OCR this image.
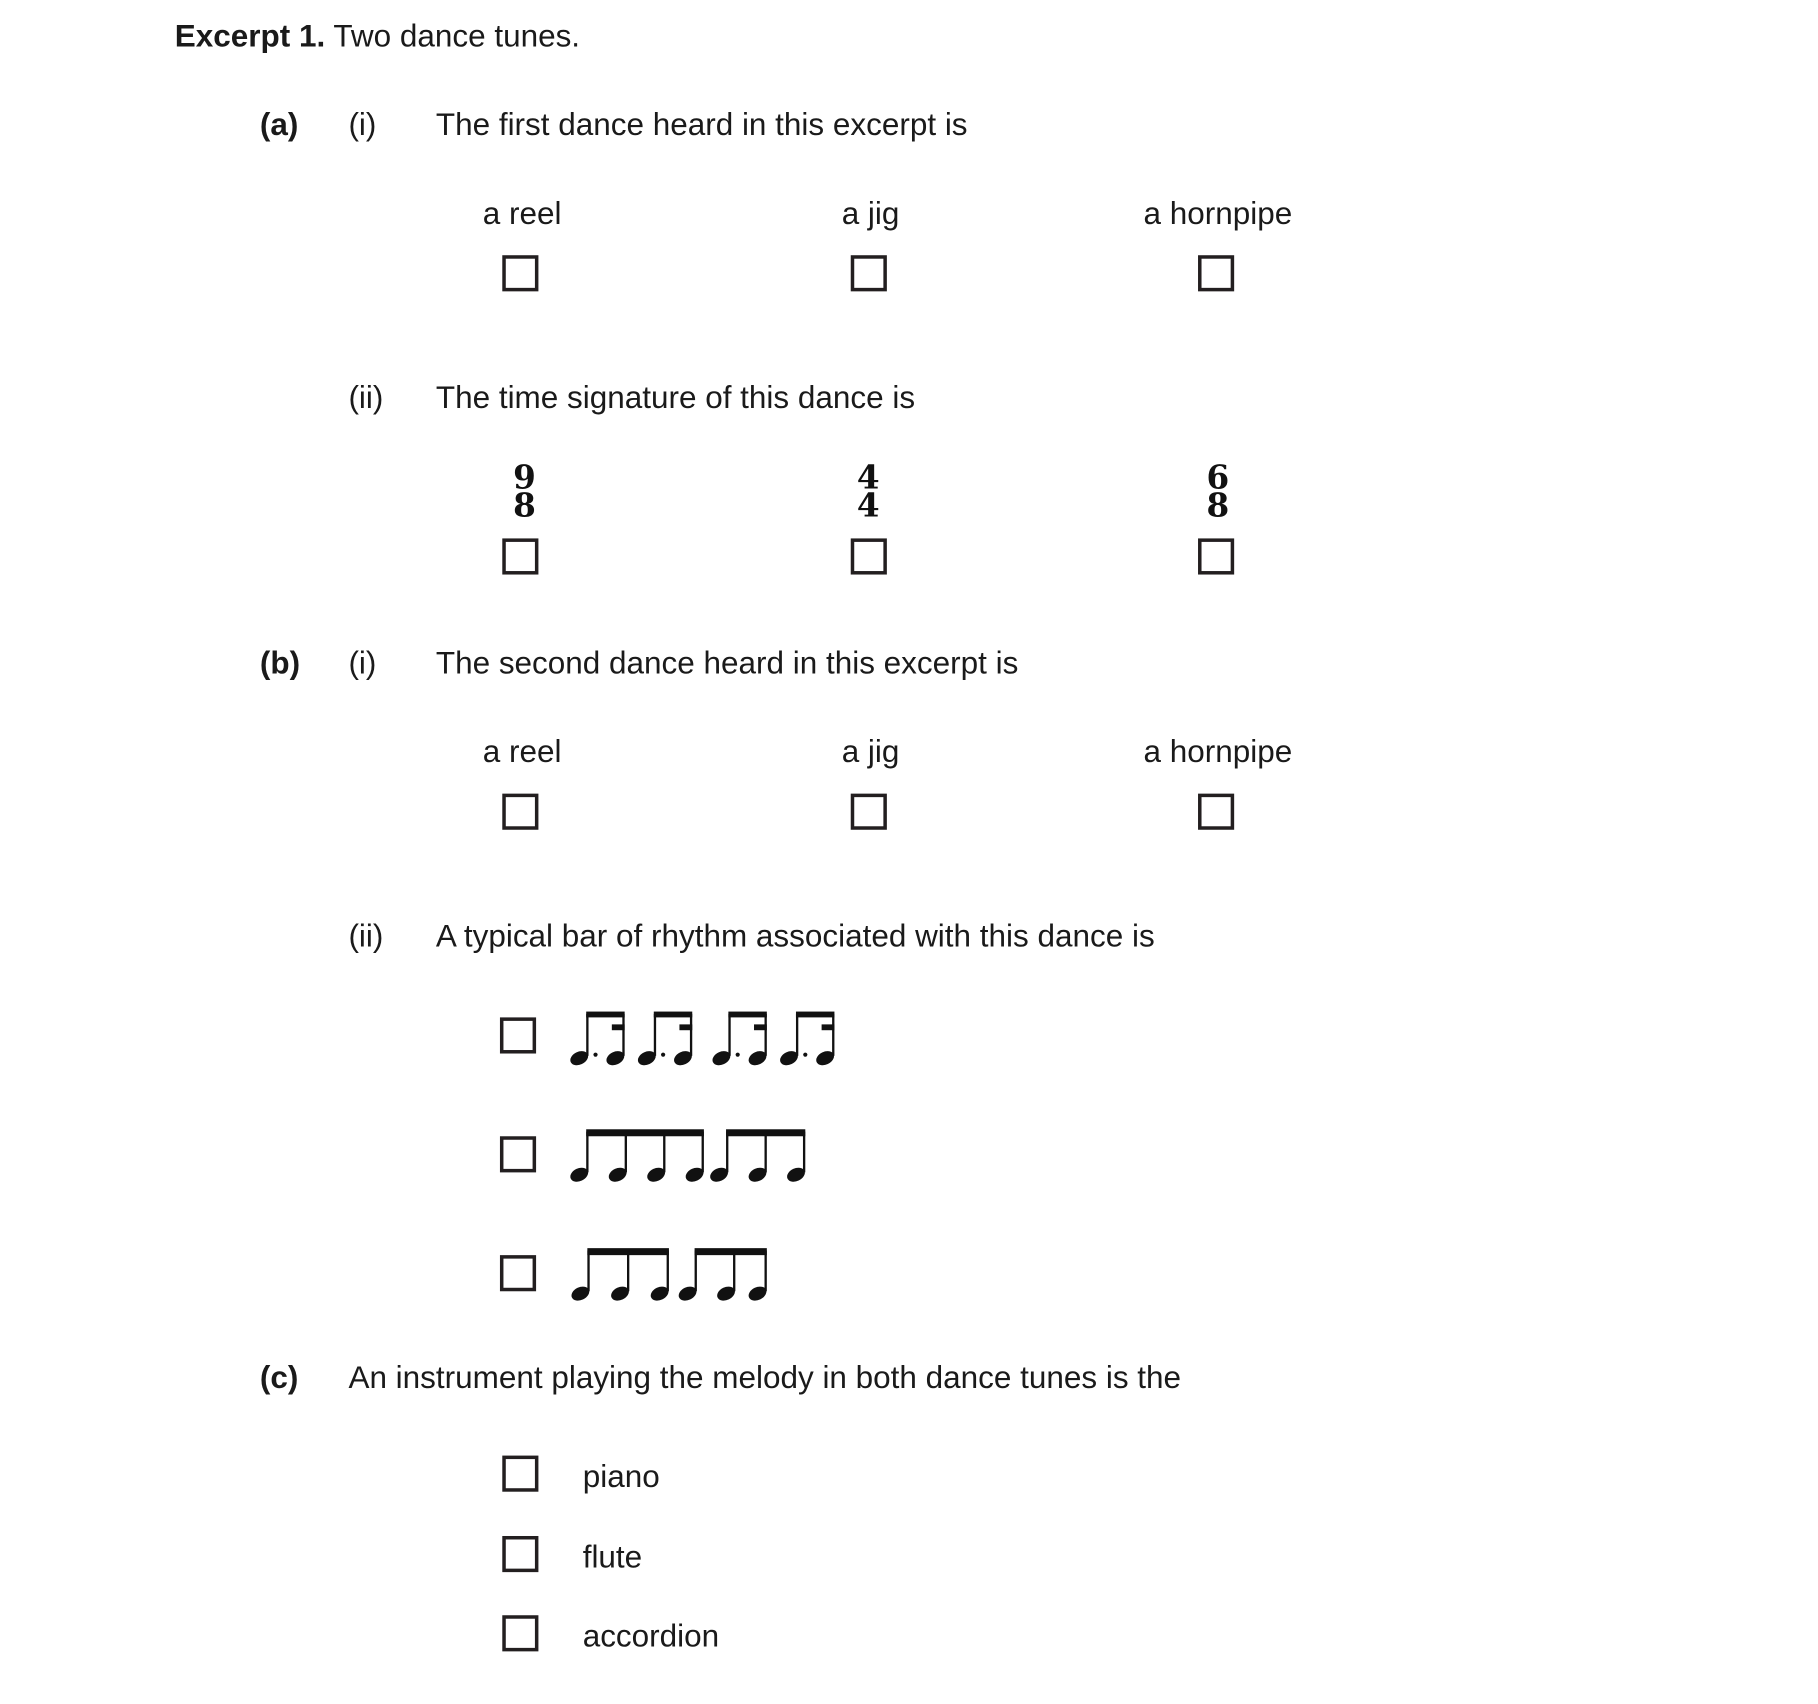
Excerpt 1. Two dance tunes.
(a) (i) The first dance heard in this excerpt is
a reel	a jig	a hornpipe
(ii) The time signature of this dance is
9
8
4
4
6
8
(b) (i) The second dance heard in this excerpt is
a reel	a jig	a hornpipe
(ii) A typical bar of rhythm associated with this dance is
(c) An instrument playing the melody in both dance tunes is the
piano
flute
accordion
